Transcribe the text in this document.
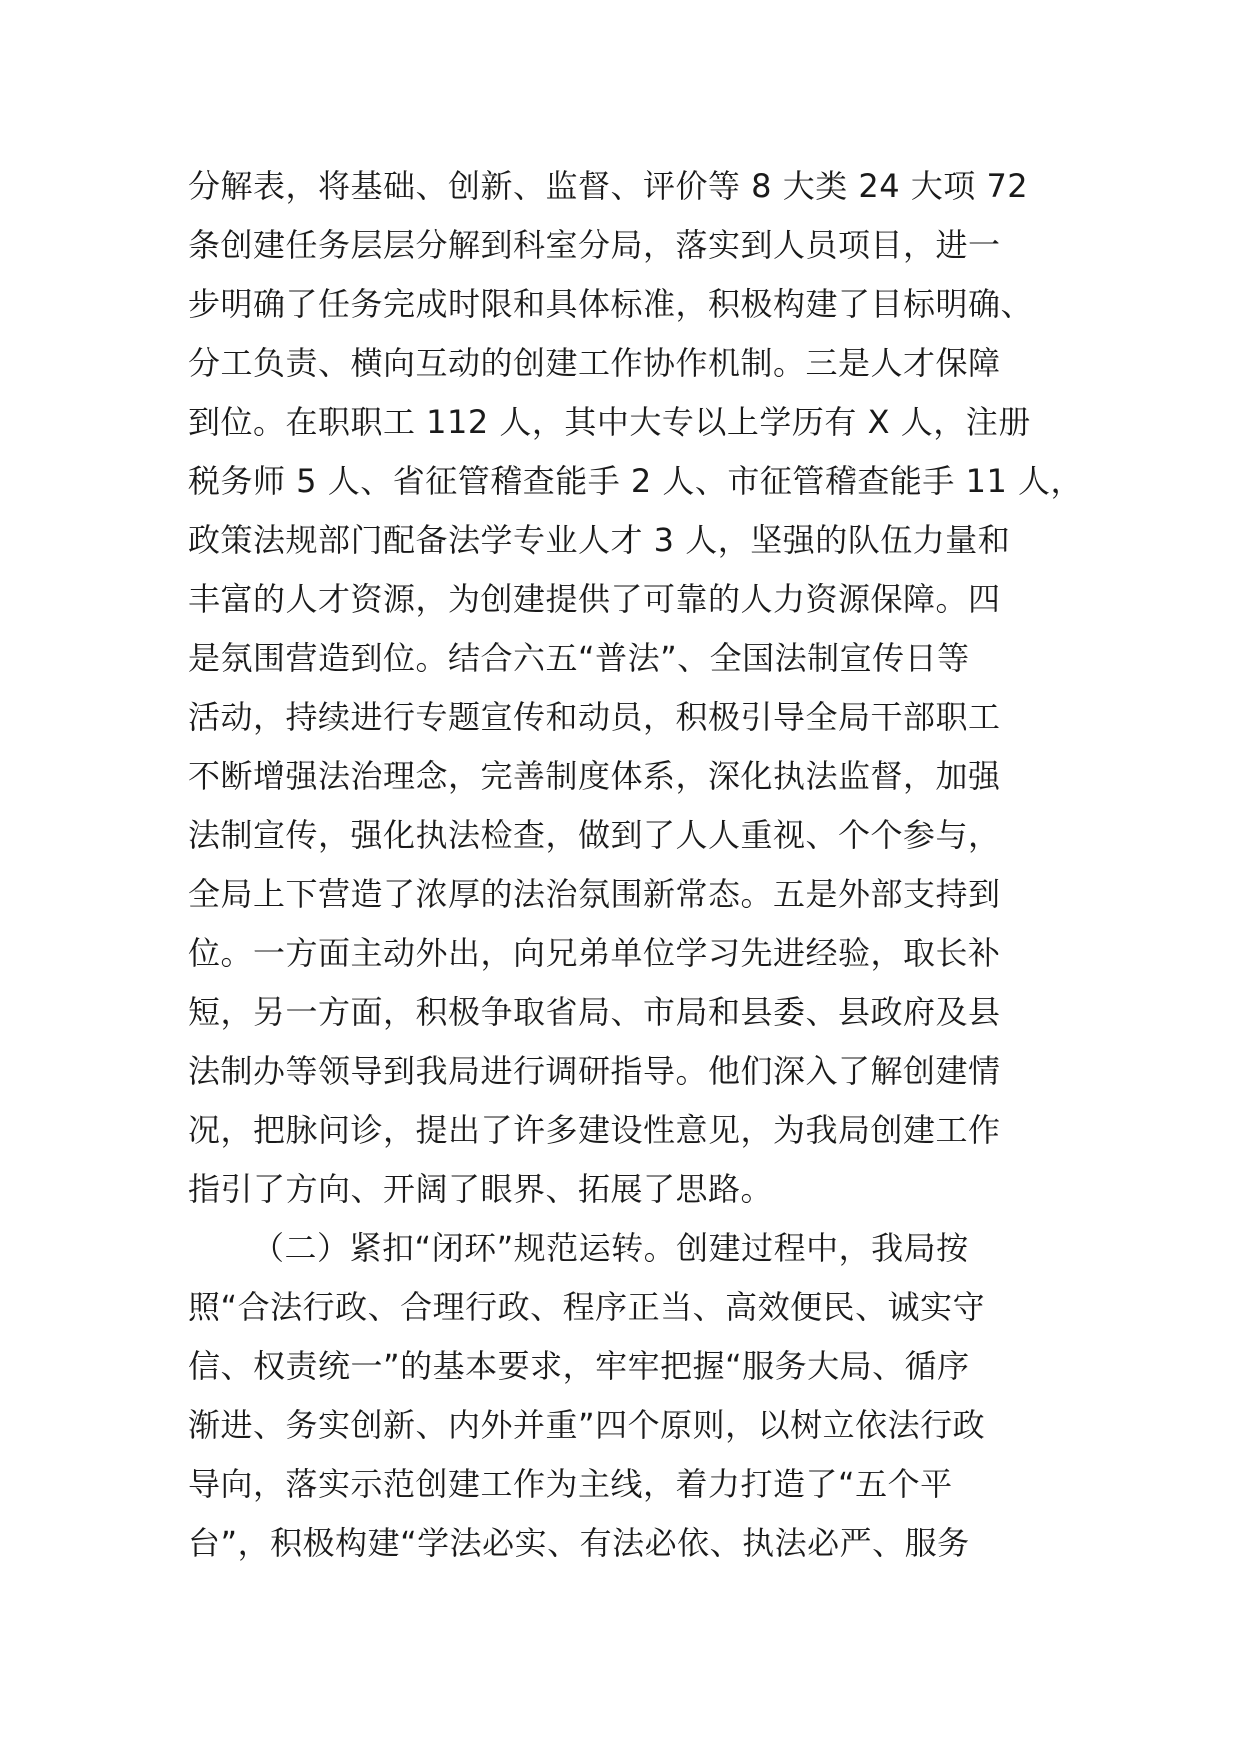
分解表，将基础、创新、监督、评价等 8 大类 24 大项 72
条创建任务层层分解到科室分局，落实到人员项目，进一
步明确了任务完成时限和具体标准，积极构建了目标明确、
分工负责、横向互动的创建工作协作机制。三是人才保障
到位。在职职工 112 人，其中大专以上学历有 X 人，注册
税务师 5 人、省征管稽查能手 2 人、市征管稽查能手 11 人，
政策法规部门配备法学专业人才 3 人，坚强的队伍力量和
丰富的人才资源，为创建提供了可靠的人力资源保障。四
是氛围营造到位。结合六五“普法”、全国法制宣传日等
活动，持续进行专题宣传和动员，积极引导全局干部职工
不断增强法治理念，完善制度体系，深化执法监督，加强
法制宣传，强化执法检查，做到了人人重视、个个参与，
全局上下营造了浓厚的法治氛围新常态。五是外部支持到
位。一方面主动外出，向兄弟单位学习先进经验，取长补
短，另一方面，积极争取省局、市局和县委、县政府及县
法制办等领导到我局进行调研指导。他们深入了解创建情
况，把脉问诊，提出了许多建设性意见，为我局创建工作
指引了方向、开阔了眼界、拓展了思路。
（二）紧扣“闭环”规范运转。创建过程中，我局按
照“合法行政、合理行政、程序正当、高效便民、诚实守
信、权责统一”的基本要求，牢牢把握“服务大局、循序
渐进、务实创新、内外并重”四个原则，以树立依法行政
导向，落实示范创建工作为主线，着力打造了“五个平
台”，积极构建“学法必实、有法必依、执法必严、服务
